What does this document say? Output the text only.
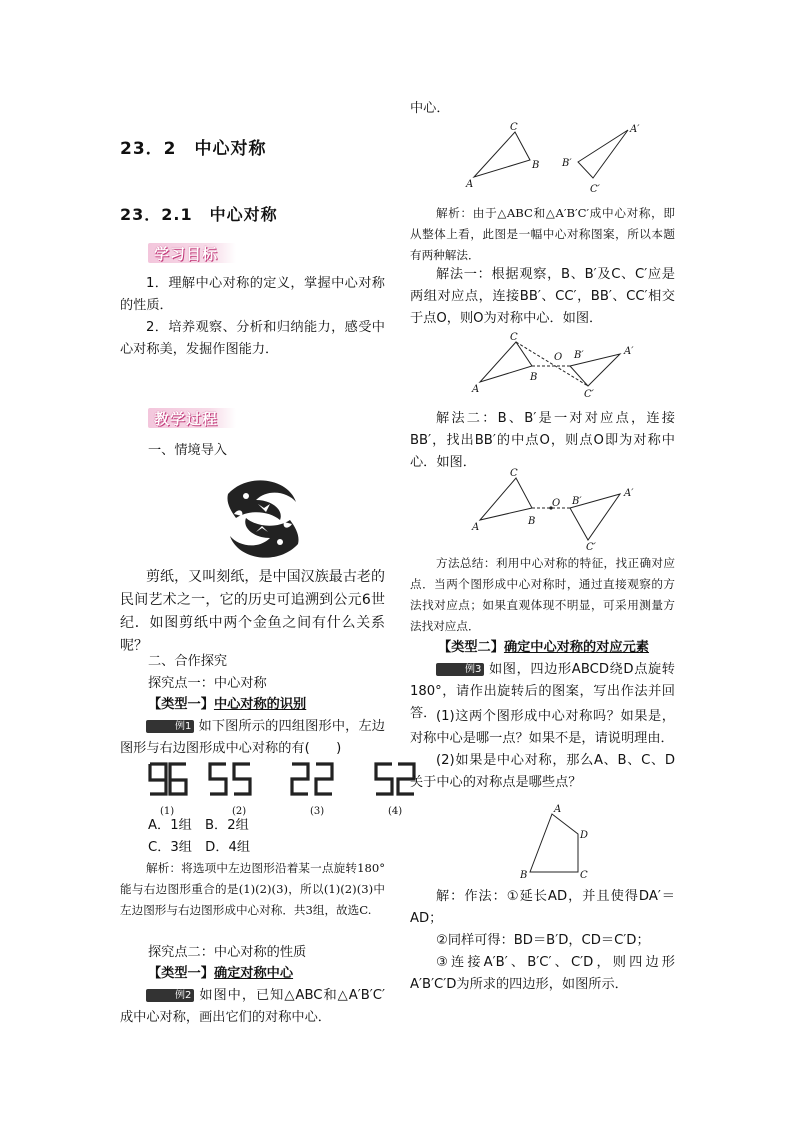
23．2　中心对称
23．2.1　中心对称
学习目标
1．理解中心对称的定义，掌握中心对称的性质．
2．培养观察、分析和归纳能力，感受中心对称美，发掘作图能力．
教学过程
一、情境导入
剪纸，又叫刻纸，是中国汉族最古老的民间艺术之一，它的历史可追溯到公元6世纪．如图剪纸中两个金鱼之间有什么关系呢？
二、合作探究
探究点一：中心对称
【类型一】中心对称的识别
例1 如下图所示的四组图形中，左边图形与右边图形成中心对称的有(　　)
(1)	(2)	(3)	(4)
A．1组　B．2组
C．3组　D．4组
解析：将选项中左边图形沿着某一点旋转180°能与右边图形重合的是(1)(2)(3)，所以(1)(2)(3)中左边图形与右边图形成中心对称．共3组，故选C.
探究点二：中心对称的性质
【类型一】确定对称中心
例2 如图中，已知△ABC和△A′B′C′成中心对称，画出它们的对称中心．
中心．
A
C
B B′
A′
C′
解析：由于△ABC和△A′B′C′成中心对称，即从整体上看，此图是一幅中心对称图案，所以本题有两种解法．
解法一：根据观察，B、B′及C、C′应是两组对应点，连接BB′、CC′，BB′、CC′相交于点O，则O为对称中心．如图．
A
C
B
O B′	A′
C′
解法二：B、B′是一对对应点，连接BB′，找出BB′的中点O，则点O即为对称中心．如图．
A
C
B
O B′
A′
C′
方法总结：利用中心对称的特征，找正确对应点．当两个图形成中心对称时，通过直接观察的方法找对应点；如果直观体现不明显，可采用测量方法找对应点．
【类型二】确定中心对称的对应元素
例3 如图，四边形ABCD绕D点旋转180°，请作出旋转后的图案，写出作法并回答． (1)这两个图形成中心对称吗？如果是，对称中心是哪一点？如果不是，请说明理由．
(2)如果是中心对称，那么A、B、C、D关于中心的对称点是哪些点？
A
D
B	C
解：作法：①延长AD，并且使得DA′＝AD；
②同样可得：BD＝B′D，CD＝C′D；
③连接A′B′、B′C′、C′D，则四边形A′B′C′D为所求的四边形，如图所示．
